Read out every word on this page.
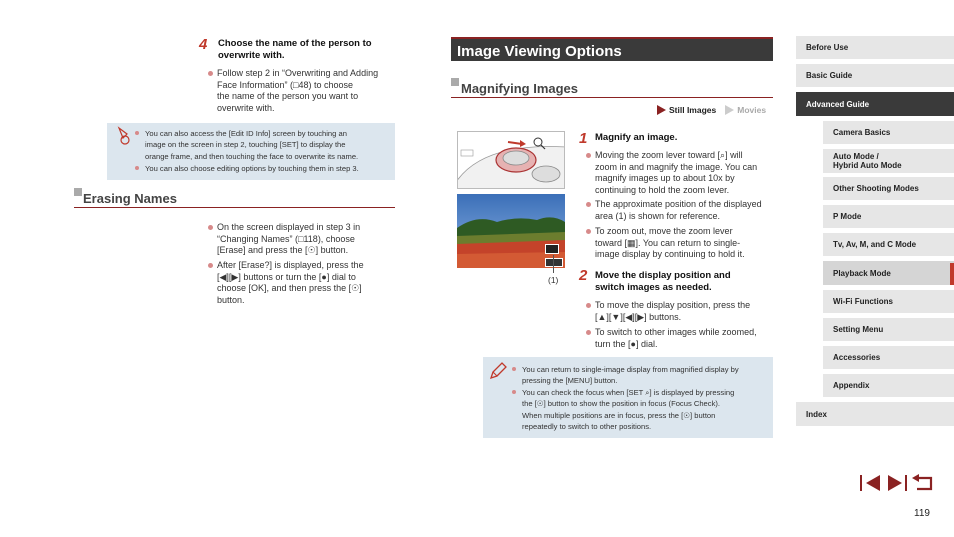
4 Choose the name of the person to
overwrite with.
Follow step 2 in “Overwriting and Adding
Face Information” (□48) to choose
the name of the person you want to
overwrite with.
You can also access the [Edit ID Info] screen by touching an
image on the screen in step 2, touching [SET] to display the
orange frame, and then touching the face to overwrite its name.
You can also choose editing options by touching them in step 3.
Erasing Names
On the screen displayed in step 3 in
“Changing Names” (□118), choose
[Erase] and press the [☉] button.
After [Erase?] is displayed, press the
[◀][▶] buttons or turn the [●] dial to
choose [OK], and then press the [☉]
button.
Image Viewing Options
Magnifying Images
Still Images Movies
(1)
1 Magnify an image.
Moving the zoom lever toward [⌕] will
zoom in and magnify the image. You can
magnify images up to about 10x by
continuing to hold the zoom lever.
The approximate position of the displayed
area (1) is shown for reference.
To zoom out, move the zoom lever
toward [▦]. You can return to single-
image display by continuing to hold it.
2 Move the display position and
switch images as needed.
To move the display position, press the
[▲][▼][◀][▶] buttons.
To switch to other images while zoomed,
turn the [●] dial.
You can return to single-image display from magnified display by
pressing the [MENU] button.
You can check the focus when [SET ⌕] is displayed by pressing
the [☉] button to show the position in focus (Focus Check).
When multiple positions are in focus, press the [☉] button
repeatedly to switch to other positions.
Before Use
Basic Guide
Advanced Guide
Camera Basics
Auto Mode /
Hybrid Auto Mode
Other Shooting Modes
P Mode
Tv, Av, M, and C Mode
Playback Mode
Wi-Fi Functions
Setting Menu
Accessories
Appendix
Index
119
